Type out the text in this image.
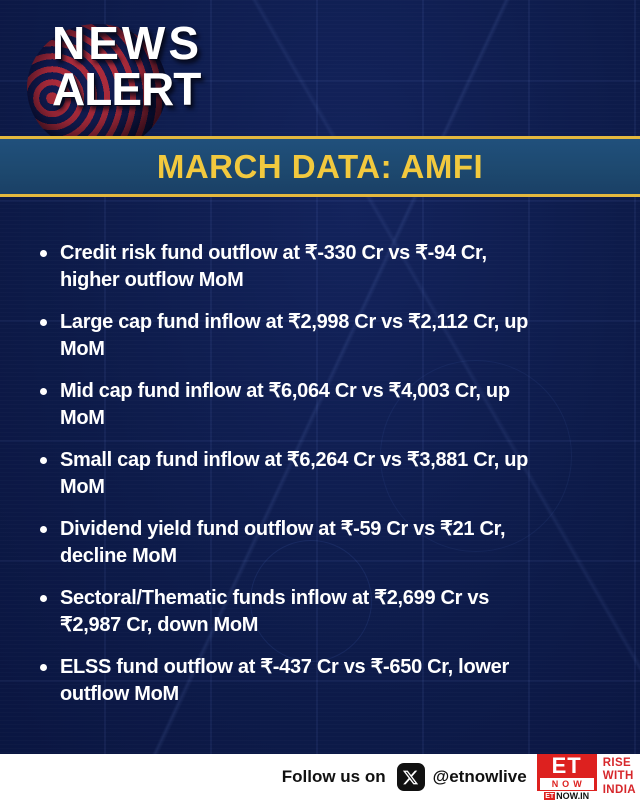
NEWS
ALERT
MARCH DATA: AMFI
Credit risk fund outflow at ₹-330 Cr vs ₹-94 Cr,
higher outflow MoM
Large cap fund inflow at ₹2,998 Cr vs ₹2,112 Cr, up
MoM
Mid cap fund inflow at ₹6,064 Cr vs ₹4,003 Cr, up
MoM
Small cap fund inflow at ₹6,264 Cr vs ₹3,881 Cr, up
MoM
Dividend yield fund outflow at ₹-59 Cr vs ₹21 Cr,
decline MoM
Sectoral/Thematic funds inflow at ₹2,699 Cr vs
₹2,987 Cr, down MoM
ELSS fund outflow at ₹-437 Cr vs ₹-650 Cr, lower
outflow MoM
Follow us on	@etnowlive ET
NOW
ET NOW.IN
RISE
WITH
INDIA
